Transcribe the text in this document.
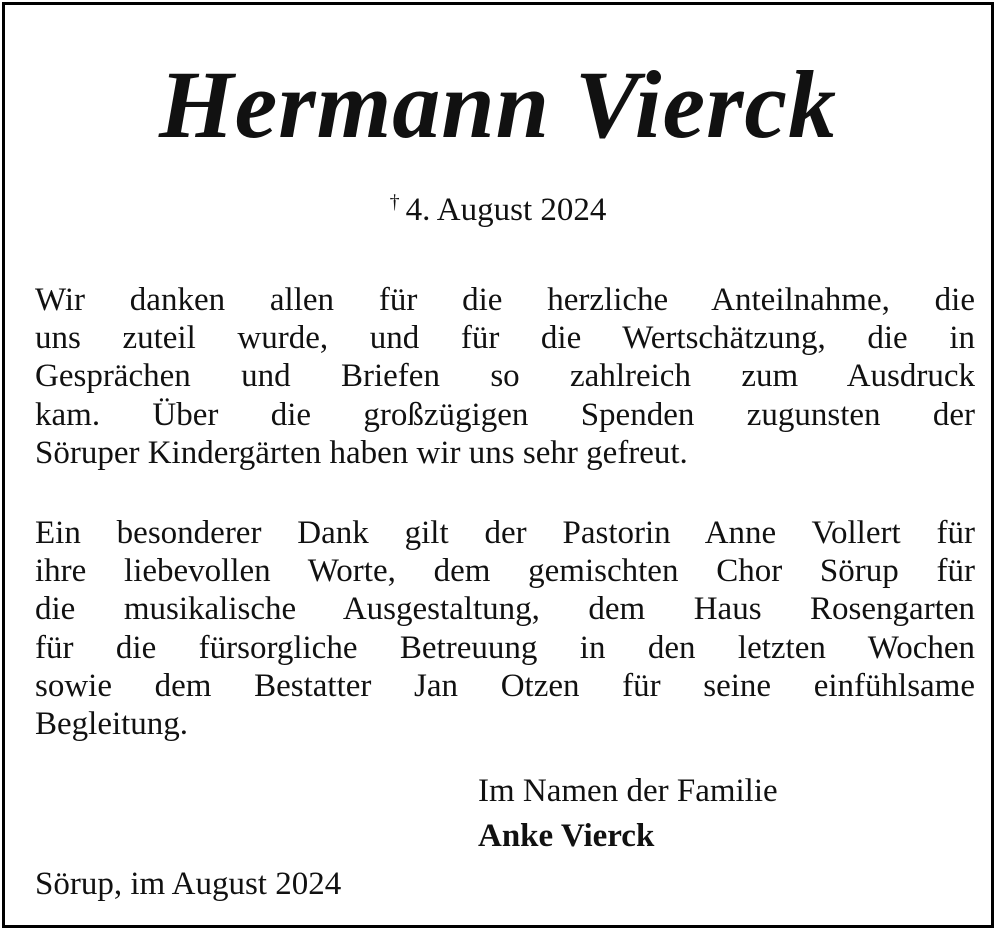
Hermann Vierck
† 4. August 2024
Wir danken allen für die herzliche Anteilnahme, die
uns zuteil wurde, und für die Wertschätzung, die in
Gesprächen und Briefen so zahlreich zum Ausdruck
kam. Über die großzügigen Spenden zugunsten der
Söruper Kindergärten haben wir uns sehr gefreut.
Ein besonderer Dank gilt der Pastorin Anne Vollert für
ihre liebevollen Worte, dem gemischten Chor Sörup für
die musikalische Ausgestaltung, dem Haus Rosengarten
für die fürsorgliche Betreuung in den letzten Wochen
sowie dem Bestatter Jan Otzen für seine einfühlsame
Begleitung.
Im Namen der Familie
Anke Vierck
Sörup, im August 2024
